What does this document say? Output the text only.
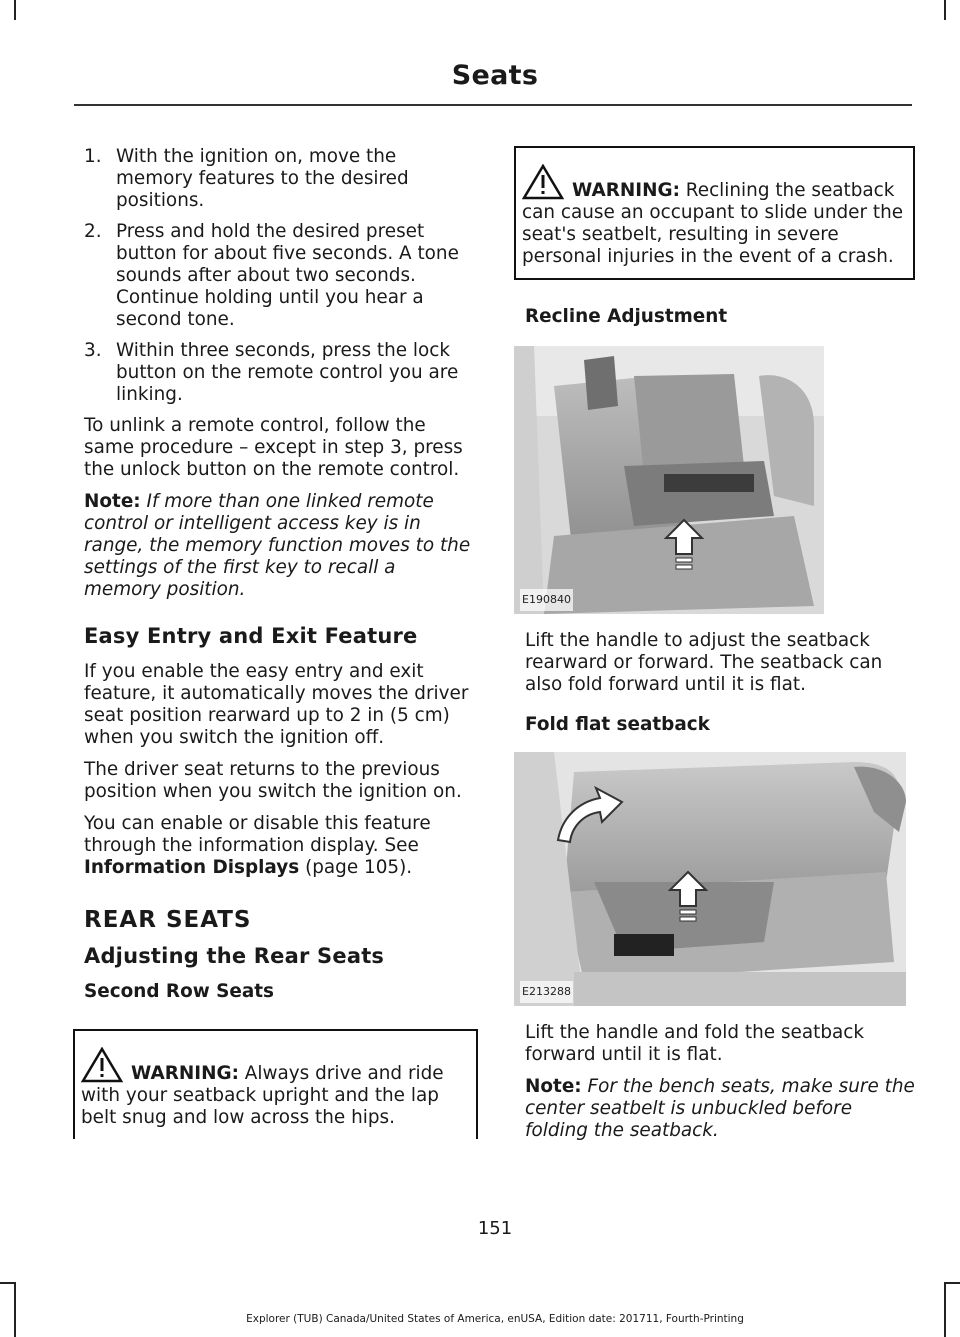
Seats
1. With the ignition on, move the memory features to the desired positions.
2. Press and hold the desired preset button for about five seconds. A tone sounds after about two seconds. Continue holding until you hear a second tone.
3. Within three seconds, press the lock button on the remote control you are linking.

To unlink a remote control, follow the same procedure – except in step 3, press the unlock button on the remote control.

Note: If more than one linked remote control or intelligent access key is in range, the memory function moves to the settings of the first key to recall a memory position.

Easy Entry and Exit Feature

If you enable the easy entry and exit feature, it automatically moves the driver seat position rearward up to 2 in (5 cm) when you switch the ignition off.

The driver seat returns to the previous position when you switch the ignition on.

You can enable or disable this feature through the information display. See Information Displays (page 105).

REAR SEATS
Adjusting the Rear Seats
Second Row Seats
WARNING: Always drive and ride with your seatback upright and the lap belt snug and low across the hips.
WARNING: Reclining the seatback can cause an occupant to slide under the seat's seatbelt, resulting in severe personal injuries in the event of a crash.
Recline Adjustment
E190840

Lift the handle to adjust the seatback rearward or forward. The seatback can also fold forward until it is flat.

Fold flat seatback
E213288

Lift the handle and fold the seatback forward until it is flat.

Note: For the bench seats, make sure the center seatbelt is unbuckled before folding the seatback.

151
Explorer (TUB) Canada/United States of America, enUSA, Edition date: 201711, Fourth-Printing
